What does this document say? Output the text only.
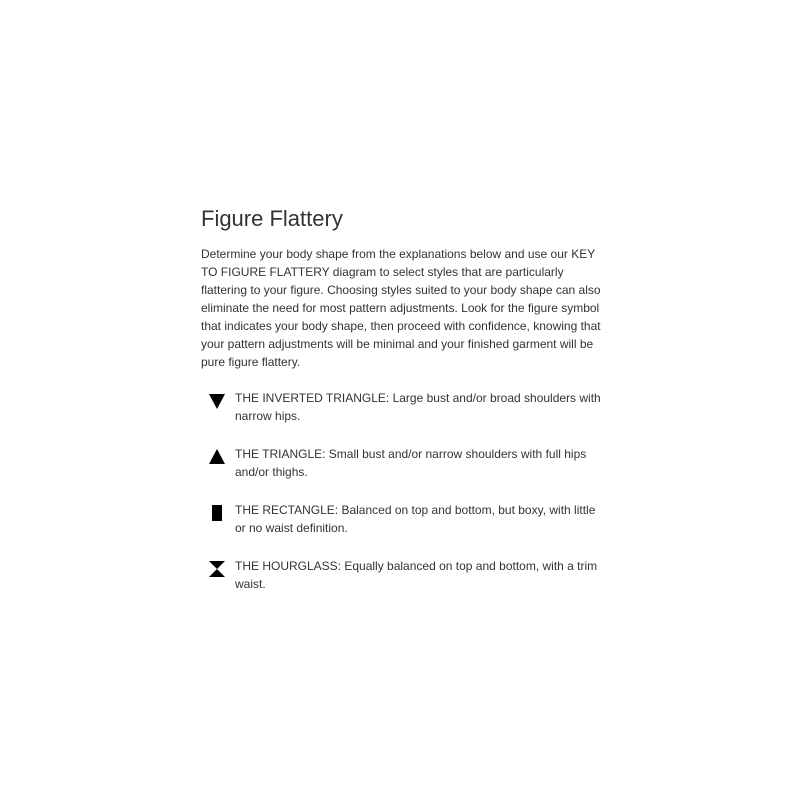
Figure Flattery

Determine your body shape from the explanations below and use our KEY TO FIGURE FLATTERY diagram to select styles that are particularly flattering to your figure. Choosing styles suited to your body shape can also eliminate the need for most pattern adjustments. Look for the figure symbol that indicates your body shape, then proceed with confidence, knowing that your pattern adjustments will be minimal and your finished garment will be pure figure flattery.

THE INVERTED TRIANGLE: Large bust and/or broad shoulders with narrow hips.
THE TRIANGLE: Small bust and/or narrow shoulders with full hips and/or thighs.
THE RECTANGLE: Balanced on top and bottom, but boxy, with little or no waist definition.
THE HOURGLASS: Equally balanced on top and bottom, with a trim waist.
